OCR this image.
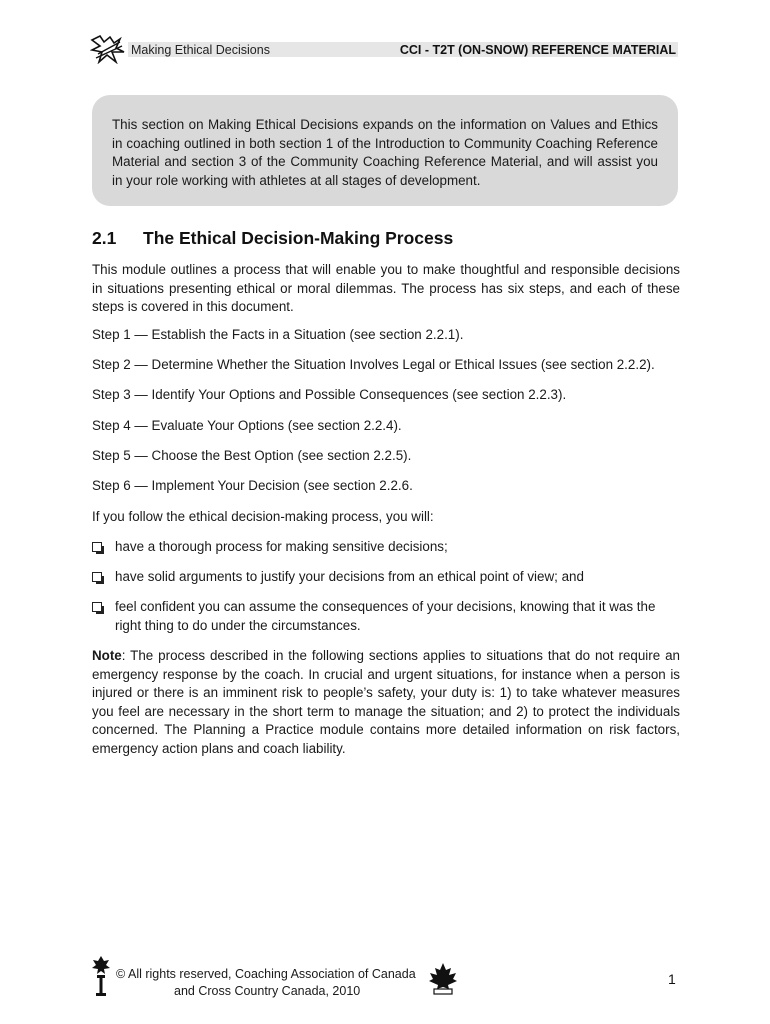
Making Ethical Decisions	CCI - T2T (ON-SNOW) REFERENCE MATERIAL
This section on Making Ethical Decisions expands on the information on Values and Ethics in coaching outlined in both section 1 of the Introduction to Community Coaching Reference Material and section 3 of the Community Coaching Reference Material, and will assist you in your role working with athletes at all stages of development.
2.1 The Ethical Decision-Making Process
This module outlines a process that will enable you to make thoughtful and responsible decisions in situations presenting ethical or moral dilemmas. The process has six steps, and each of these steps is covered in this document.
Step 1 — Establish the Facts in a Situation (see section 2.2.1).
Step 2 — Determine Whether the Situation Involves Legal or Ethical Issues (see section 2.2.2).
Step 3 — Identify Your Options and Possible Consequences (see section 2.2.3).
Step 4 — Evaluate Your Options (see section 2.2.4).
Step 5 — Choose the Best Option (see section 2.2.5).
Step 6 — Implement Your Decision (see section 2.2.6.
If you follow the ethical decision-making process, you will:
have a thorough process for making sensitive decisions;
have solid arguments to justify your decisions from an ethical point of view; and
feel confident you can assume the consequences of your decisions, knowing that it was the right thing to do under the circumstances.
Note: The process described in the following sections applies to situations that do not require an emergency response by the coach. In crucial and urgent situations, for instance when a person is injured or there is an imminent risk to people’s safety, your duty is: 1) to take whatever measures you feel are necessary in the short term to manage the situation; and 2) to protect the individuals concerned. The Planning a Practice module contains more detailed information on risk factors, emergency action plans and coach liability.
© All rights reserved, Coaching Association of Canada
and Cross Country Canada, 2010
1
